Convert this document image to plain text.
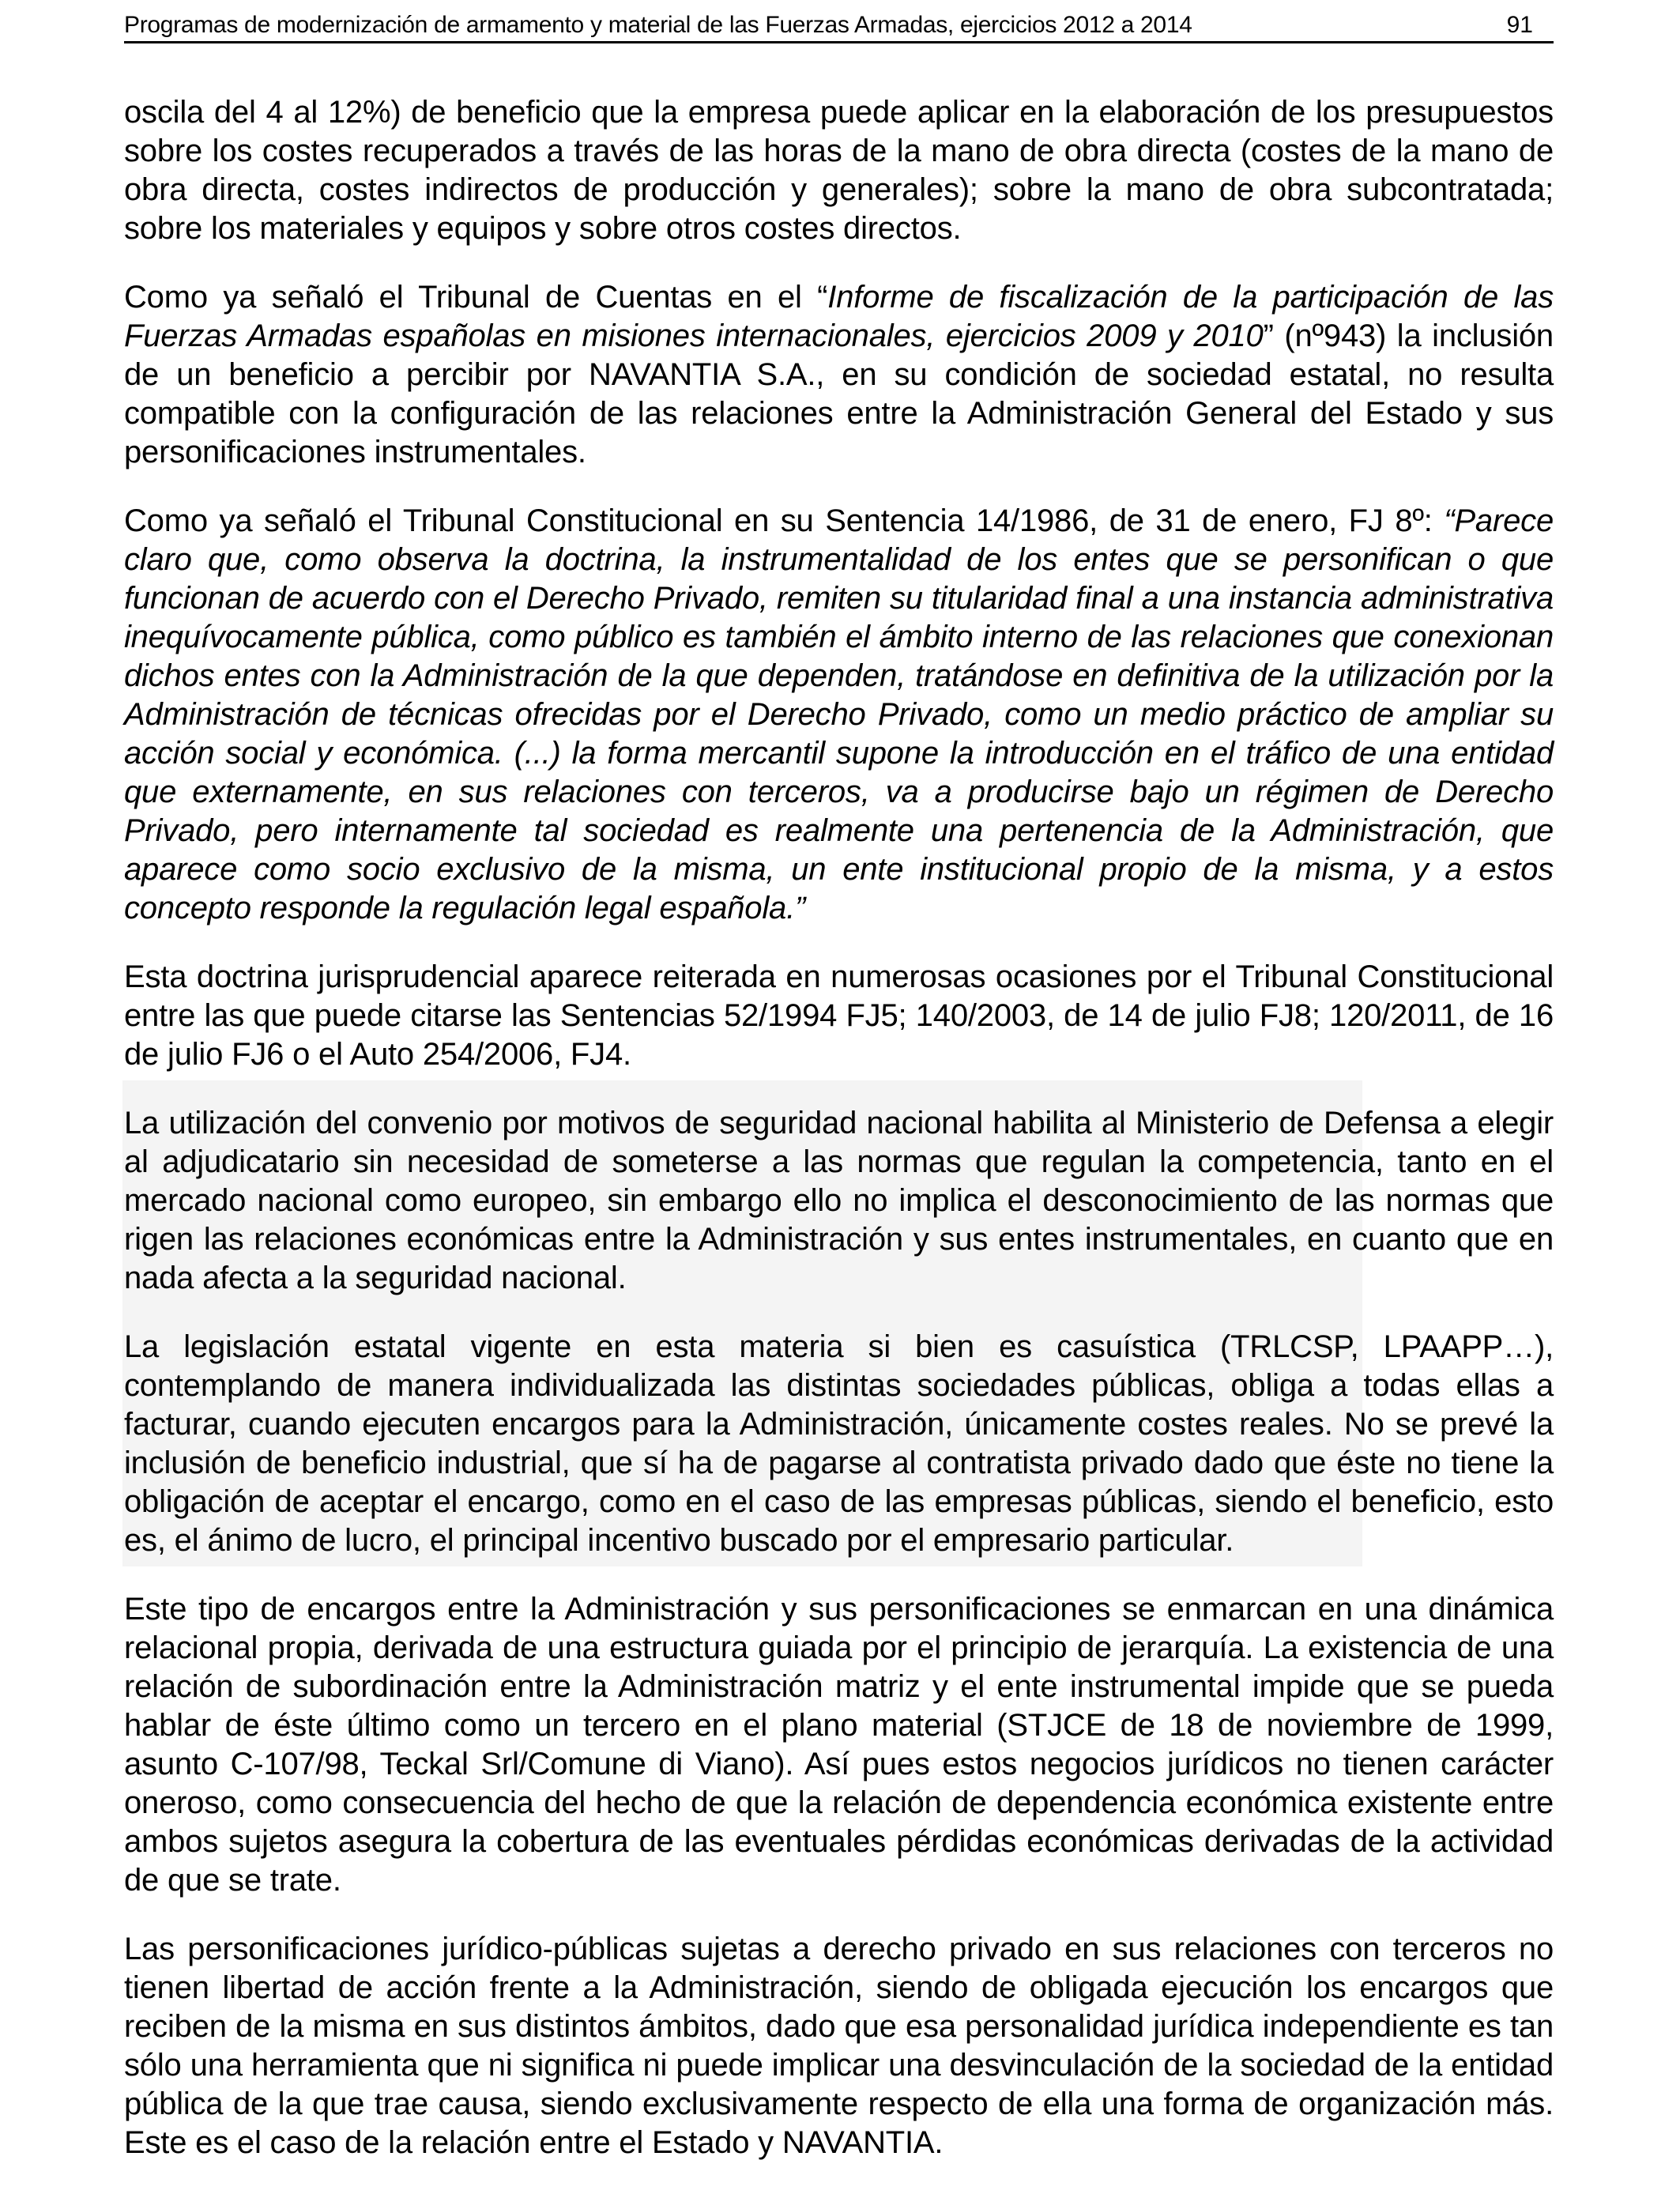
Programas de modernización de armamento y material de las Fuerzas Armadas, ejercicios 2012 a 2014	91

oscila del 4 al 12%) de beneficio que la empresa puede aplicar en la elaboración de los presupuestos sobre los costes recuperados a través de las horas de la mano de obra directa (costes de la mano de obra directa, costes indirectos de producción y generales); sobre la mano de obra subcontratada; sobre los materiales y equipos y sobre otros costes directos.

Como ya señaló el Tribunal de Cuentas en el “Informe de fiscalización de la participación de las Fuerzas Armadas españolas en misiones internacionales, ejercicios 2009 y 2010” (nº943) la inclusión de un beneficio a percibir por NAVANTIA S.A., en su condición de sociedad estatal, no resulta compatible con la configuración de las relaciones entre la Administración General del Estado y sus personificaciones instrumentales.

Como ya señaló el Tribunal Constitucional en su Sentencia 14/1986, de 31 de enero, FJ 8º: “Parece claro que, como observa la doctrina, la instrumentalidad de los entes que se personifican o que funcionan de acuerdo con el Derecho Privado, remiten su titularidad final a una instancia administrativa inequívocamente pública, como público es también el ámbito interno de las relaciones que conexionan dichos entes con la Administración de la que dependen, tratándose en definitiva de la utilización por la Administración de técnicas ofrecidas por el Derecho Privado, como un medio práctico de ampliar su acción social y económica. (...) la forma mercantil supone la introducción en el tráfico de una entidad que externamente, en sus relaciones con terceros, va a producirse bajo un régimen de Derecho Privado, pero internamente tal sociedad es realmente una pertenencia de la Administración, que aparece como socio exclusivo de la misma, un ente institucional propio de la misma, y a estos concepto responde la regulación legal española.”

Esta doctrina jurisprudencial aparece reiterada en numerosas ocasiones por el Tribunal Constitucional entre las que puede citarse las Sentencias 52/1994 FJ5; 140/2003, de 14 de julio FJ8; 120/2011, de 16 de julio FJ6 o el Auto 254/2006, FJ4.

La utilización del convenio por motivos de seguridad nacional habilita al Ministerio de Defensa a elegir al adjudicatario sin necesidad de someterse a las normas que regulan la competencia, tanto en el mercado nacional como europeo, sin embargo ello no implica el desconocimiento de las normas que rigen las relaciones económicas entre la Administración y sus entes instrumentales, en cuanto que en nada afecta a la seguridad nacional.

La legislación estatal vigente en esta materia si bien es casuística (TRLCSP, LPAAPP…), contemplando de manera individualizada las distintas sociedades públicas, obliga a todas ellas a facturar, cuando ejecuten encargos para la Administración, únicamente costes reales. No se prevé la inclusión de beneficio industrial, que sí ha de pagarse al contratista privado dado que éste no tiene la obligación de aceptar el encargo, como en el caso de las empresas públicas, siendo el beneficio, esto es, el ánimo de lucro, el principal incentivo buscado por el empresario particular.

Este tipo de encargos entre la Administración y sus personificaciones se enmarcan en una dinámica relacional propia, derivada de una estructura guiada por el principio de jerarquía. La existencia de una relación de subordinación entre la Administración matriz y el ente instrumental impide que se pueda hablar de éste último como un tercero en el plano material (STJCE de 18 de noviembre de 1999, asunto C-107/98, Teckal Srl/Comune di Viano). Así pues estos negocios jurídicos no tienen carácter oneroso, como consecuencia del hecho de que la relación de dependencia económica existente entre ambos sujetos asegura la cobertura de las eventuales pérdidas económicas derivadas de la actividad de que se trate.

Las personificaciones jurídico-públicas sujetas a derecho privado en sus relaciones con terceros no tienen libertad de acción frente a la Administración, siendo de obligada ejecución los encargos que reciben de la misma en sus distintos ámbitos, dado que esa personalidad jurídica independiente es tan sólo una herramienta que ni significa ni puede implicar una desvinculación de la sociedad de la entidad pública de la que trae causa, siendo exclusivamente respecto de ella una forma de organización más. Este es el caso de la relación entre el Estado y NAVANTIA.
